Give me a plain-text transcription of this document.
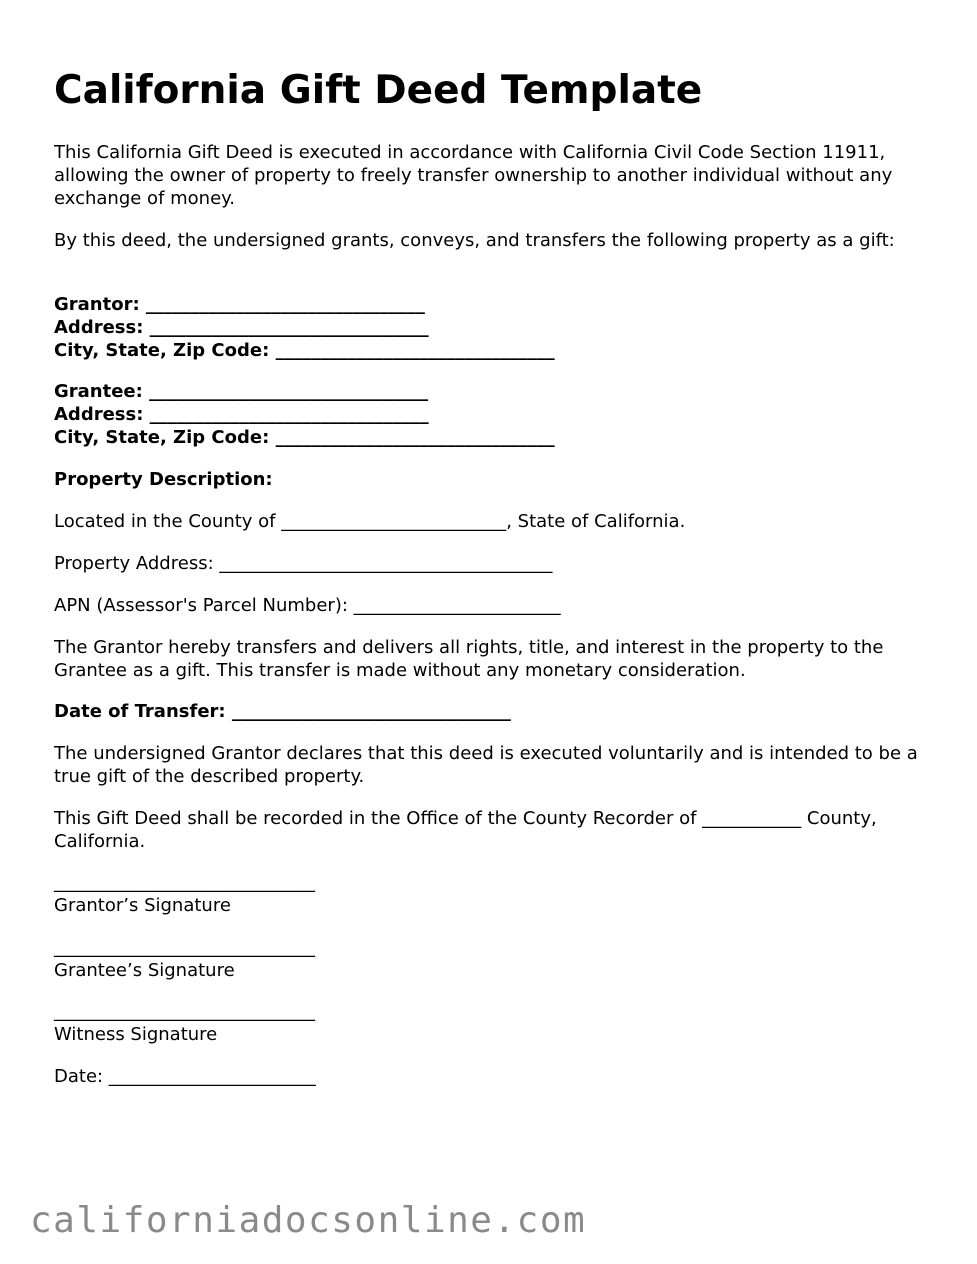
California Gift Deed Template
This California Gift Deed is executed in accordance with California Civil Code Section 11911, allowing the owner of property to freely transfer ownership to another individual without any exchange of money.
By this deed, the undersigned grants, conveys, and transfers the following property as a gift:
Grantor: _______________________________
Address: _______________________________
City, State, Zip Code: _______________________________
Grantee: _______________________________
Address: _______________________________
City, State, Zip Code: _______________________________
Property Description:
Located in the County of _________________________, State of California.
Property Address: _____________________________________
APN (Assessor's Parcel Number): _______________________
The Grantor hereby transfers and delivers all rights, title, and interest in the property to the Grantee as a gift. This transfer is made without any monetary consideration.
Date of Transfer: _______________________________
The undersigned Grantor declares that this deed is executed voluntarily and is intended to be a true gift of the described property.
This Gift Deed shall be recorded in the Office of the County Recorder of ___________ County, California.
_____________________________
Grantor’s Signature
_____________________________
Grantee’s Signature
_____________________________
Witness Signature
Date: _______________________
californiadocsonline.com
